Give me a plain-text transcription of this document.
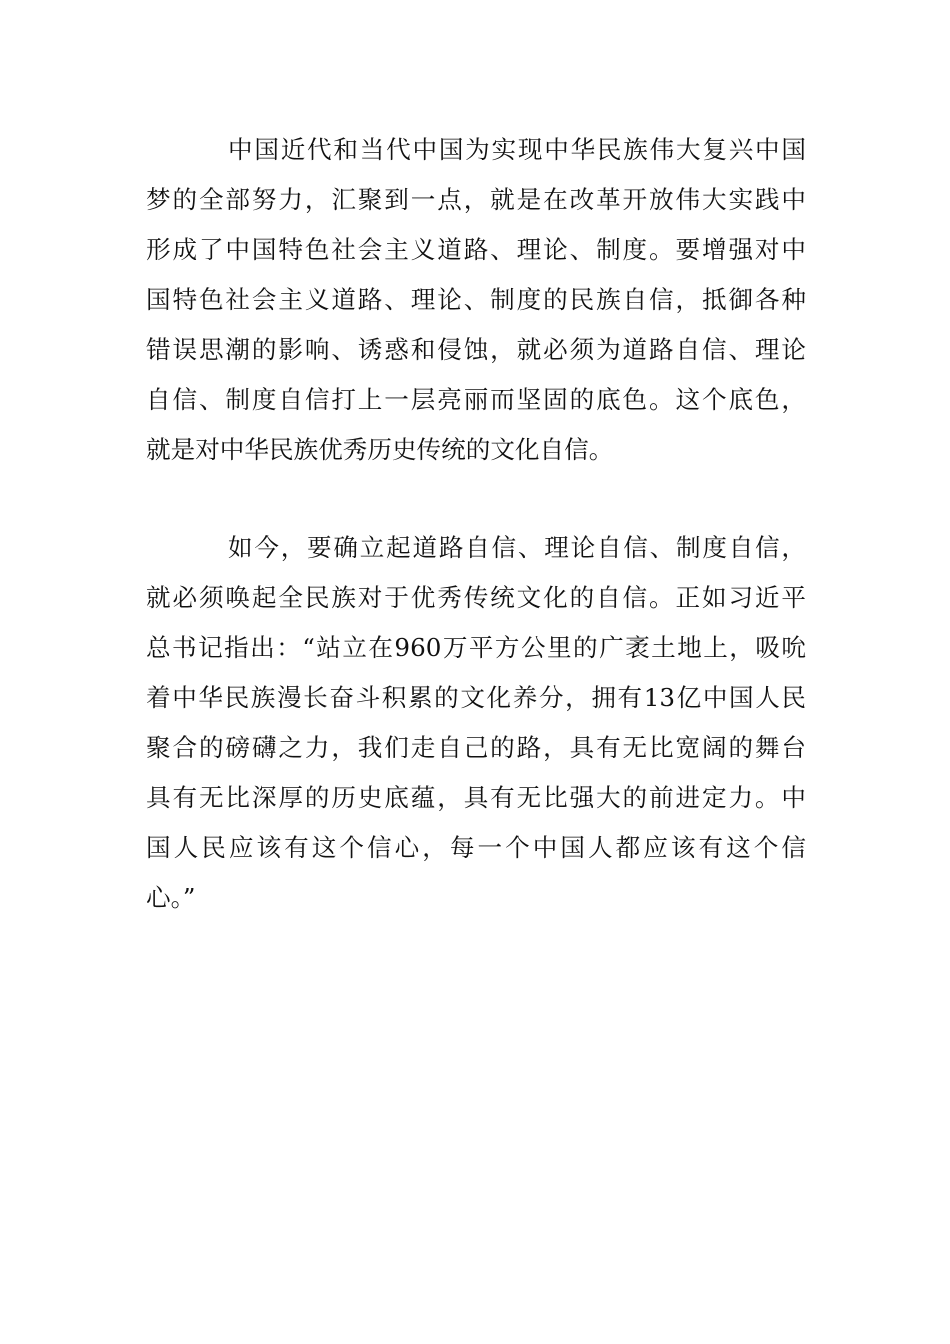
中国近代和当代中国为实现中华民族伟大复兴中国
梦的全部努力，汇聚到一点，就是在改革开放伟大实践中
形成了中国特色社会主义道路、理论、制度。要增强对中
国特色社会主义道路、理论、制度的民族自信，抵御各种
错误思潮的影响、诱惑和侵蚀，就必须为道路自信、理论
自信、制度自信打上一层亮丽而坚固的底色。这个底色，
就是对中华民族优秀历史传统的文化自信。
如今，要确立起道路自信、理论自信、制度自信，
就必须唤起全民族对于优秀传统文化的自信。正如习近平
总书记指出：“站立在960万平方公里的广袤土地上，吸吮
着中华民族漫长奋斗积累的文化养分，拥有13亿中国人民
聚合的磅礴之力，我们走自己的路，具有无比宽阔的舞台
具有无比深厚的历史底蕴，具有无比强大的前进定力。中
国人民应该有这个信心，每一个中国人都应该有这个信
心。”
